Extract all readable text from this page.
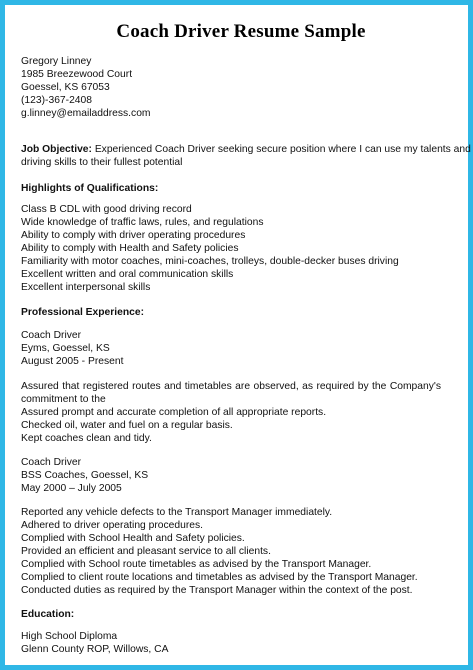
Coach Driver Resume Sample
Gregory Linney
1985 Breezewood Court
Goessel, KS 67053
(123)-367-2408
g.linney@emailaddress.com
Job Objective: Experienced Coach Driver seeking secure position where I can use my talents and
driving skills to their fullest potential
Highlights of Qualifications:
Class B CDL with good driving record
Wide knowledge of traffic laws, rules, and regulations
Ability to comply with driver operating procedures
Ability to comply with Health and Safety policies
Familiarity with motor coaches, mini-coaches, trolleys, double-decker buses driving
Excellent written and oral communication skills
Excellent interpersonal skills
Professional Experience:
Coach Driver
Eyms, Goessel, KS
August 2005 - Present
Assured that registered routes and timetables are observed, as required by the Company's
commitment to the
Assured prompt and accurate completion of all appropriate reports.
Checked oil, water and fuel on a regular basis.
Kept coaches clean and tidy.
Coach Driver
BSS Coaches, Goessel, KS
May 2000 – July 2005
Reported any vehicle defects to the Transport Manager immediately.
Adhered to driver operating procedures.
Complied with School Health and Safety policies.
Provided an efficient and pleasant service to all clients.
Complied with School route timetables as advised by the Transport Manager.
Complied to client route locations and timetables as advised by the Transport Manager.
Conducted duties as required by the Transport Manager within the context of the post.
Education:
High School Diploma
Glenn County ROP, Willows, CA
